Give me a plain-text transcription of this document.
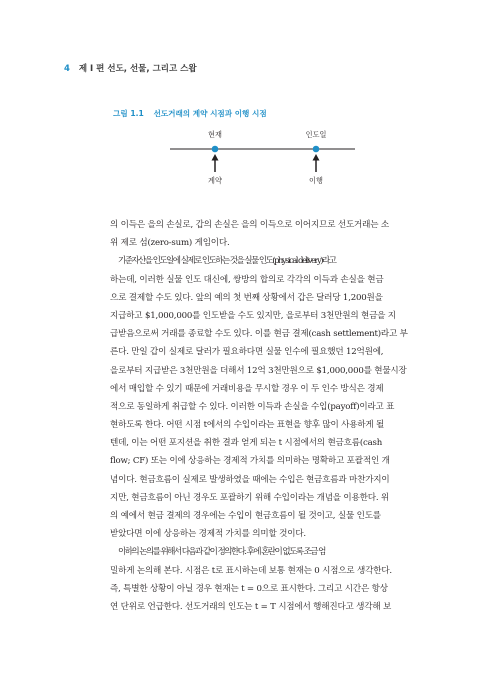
4 제 I 편 선도, 선물, 그리고 스왑
그림 1.1 선도거래의 계약 시점과 이행 시점
현재	인도일
계약	이행
의 이득은 을의 손실로, 갑의 손실은 을의 이득으로 이어지므로 선도거래는 소
위 제로 섬(zero-sum) 게임이다.
기준자산을 인도일에 실제로 인도하는 것을 실물 인도(physical delivery)라고
하는데, 이러한 실물 인도 대신에, 쌍방의 합의로 각각의 이득과 손실을 현금
으로 결제할 수도 있다. 앞의 예의 첫 번째 상황에서 갑은 달러당 1,200원을
지급하고 $1,000,000를 인도받을 수도 있지만, 을로부터 3천만원의 현금을 지
급받음으로써 거래를 종료할 수도 있다. 이를 현금 결제(cash settlement)라고 부
른다. 만일 갑이 실제로 달러가 필요하다면 실물 인수에 필요했던 12억원에,
을로부터 지급받은 3천만원을 더해서 12억 3천만원으로 $1,000,000를 현물시장
에서 매입할 수 있기 때문에 거래비용을 무시할 경우 이 두 인수 방식은 경제
적으로 동일하게 취급할 수 있다. 이러한 이득과 손실을 수입(payoff)이라고 표
현하도록 한다. 어떤 시점 t에서의 수입이라는 표현을 향후 많이 사용하게 될
텐데, 이는 어떤 포지션을 취한 결과 얻게 되는 t 시점에서의 현금흐름(cash
flow; CF) 또는 이에 상응하는 경제적 가치를 의미하는 명확하고 포괄적인 개
념이다. 현금흐름이 실제로 발생하였을 때에는 수입은 현금흐름과 마찬가지이
지만, 현금흐름이 아닌 경우도 포괄하기 위해 수입이라는 개념을 이용한다. 위
의 예에서 현금 결제의 경우에는 수입이 현금흐름이 될 것이고, 실물 인도를
받았다면 이에 상응하는 경제적 가치를 의미할 것이다.
이하의 논의를 위해서 다음과 같이 정의한다. 후에 혼란이 없도록 조금 엄
밀하게 논의해 본다. 시점은 t로 표시하는데 보통 현재는 0 시점으로 생각한다.
즉, 특별한 상황이 아닐 경우 현재는 t = 0으로 표시한다. 그리고 시간은 항상
연 단위로 언급한다. 선도거래의 인도는 t = T 시점에서 행해진다고 생각해 보
